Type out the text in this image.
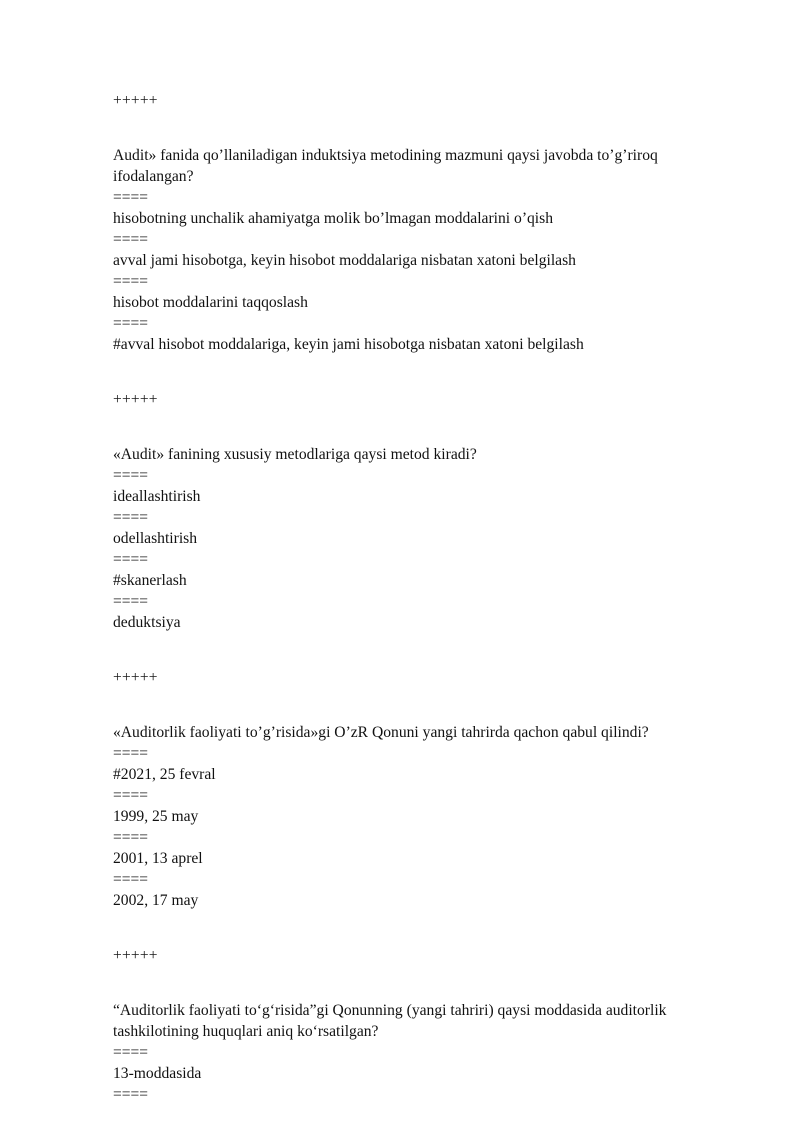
+++++

Audit» fanida qo’llaniladigan induktsiya metodining mazmuni qaysi javobda to’g’riroq ifodalangan?

====

hisobotning unchalik ahamiyatga molik bo’lmagan moddalarini o’qish

====

avval jami hisobotga, keyin hisobot moddalariga nisbatan xatoni belgilash

====

hisobot moddalarini taqqoslash

====

#avval hisobot moddalariga, keyin jami hisobotga nisbatan xatoni belgilash

+++++

«Audit» fanining xususiy metodlariga qaysi metod kiradi?

====

ideallashtirish

====

odellashtirish

====

#skanerlash

====

deduktsiya

+++++

«Auditorlik faoliyati to’g’risida»gi O’zR Qonuni yangi tahrirda qachon qabul qilindi?

====

#2021, 25 fevral

====

1999, 25 may

====

2001, 13 aprel

====

2002, 17 may

+++++

“Auditorlik faoliyati to‘g‘risida”gi Qonunning (yangi tahriri) qaysi moddasida auditorlik tashkilotining huquqlari aniq ko‘rsatilgan?

====

13-moddasida

====
